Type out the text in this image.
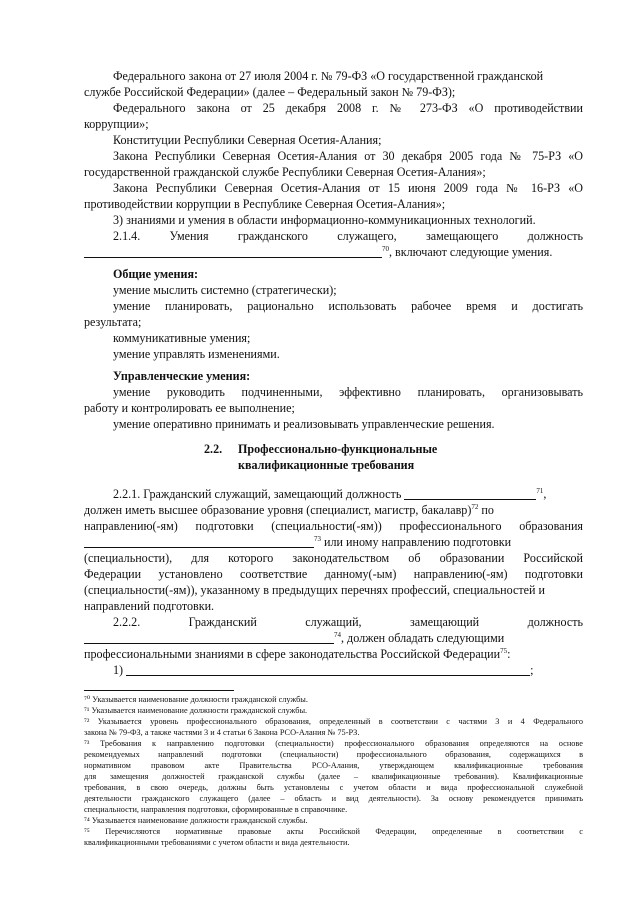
Федерального закона от 27 июля 2004 г. № 79-ФЗ «О государственной гражданской
службе Российской Федерации» (далее – Федеральный закон № 79-ФЗ);
Федерального закона от 25 декабря 2008 г. № 273-ФЗ «О противодействии
коррупции»;
Конституции Республики Северная Осетия-Алания;
Закона Республики Северная Осетия-Алания от 30 декабря 2005 года № 75-РЗ «О
государственной гражданской службе Республики Северная Осетия-Алания»;
Закона Республики Северная Осетия-Алания от 15 июня 2009 года № 16-РЗ «О
противодействии коррупции в Республике Северная Осетия-Алания»;
3) знаниями и умения в области информационно-коммуникационных технологий.
2.1.4. Умения гражданского служащего, замещающего должность
$^{70}$, включают следующие умения.
Общие умения:
умение мыслить системно (стратегически);
умение планировать, рационально использовать рабочее время и достигать
результата;
коммуникативные умения;
умение управлять изменениями.
Управленческие умения:
умение руководить подчиненными, эффективно планировать, организовывать
работу и контролировать ее выполнение;
умение оперативно принимать и реализовывать управленческие решения.
2.2.	Профессионально-функциональные
квалификационные требования
2.2.1. Гражданский служащий, замещающий должность	$^{71}$,
должен иметь высшее образование уровня (специалист, магистр, бакалавр)$^{72}$ по
направлению(-ям) подготовки (специальности(-ям)) профессионального образования
$^{73}$ или иному направлению подготовки
(специальности), для которого законодательством об образовании Российской
Федерации установлено соответствие данному(-ым) направлению(-ям) подготовки
(специальности(-ям)), указанному в предыдущих перечнях профессий, специальностей и
направлений подготовки.
2.2.2. Гражданский служащий, замещающий должность
$^{74}$, должен обладать следующими
профессиональными знаниями в сфере законодательства Российской Федерации$^{75}$:
1)	;
⁷⁰ Указывается наименование должности гражданской службы.
⁷¹ Указывается наименование должности гражданской службы.
⁷² Указывается уровень профессионального образования, определенный в соответствии с частями 3 и 4 Федерального
закона № 79-ФЗ, а также частями 3 и 4 статьи 6 Закона РСО-Алания № 75-РЗ.
⁷³ Требования к направлению подготовки (специальности) профессионального образования определяются на основе
рекомендуемых направлений подготовки (специальности) профессионального образования, содержащихся в
нормативном правовом акте Правительства РСО-Алания, утверждающем квалификационные требования
для замещения должностей гражданской службы (далее – квалификационные требования). Квалификационные
требования, в свою очередь, должны быть установлены с учетом области и вида профессиональной служебной
деятельности гражданского служащего (далее – область и вид деятельности). За основу рекомендуется принимать
специальности, направления подготовки, сформированные в справочнике.
⁷⁴ Указывается наименование должности гражданской службы.
⁷⁵ Перечисляются нормативные правовые акты Российской Федерации, определенные в соответствии с
квалификационными требованиями с учетом области и вида деятельности.
